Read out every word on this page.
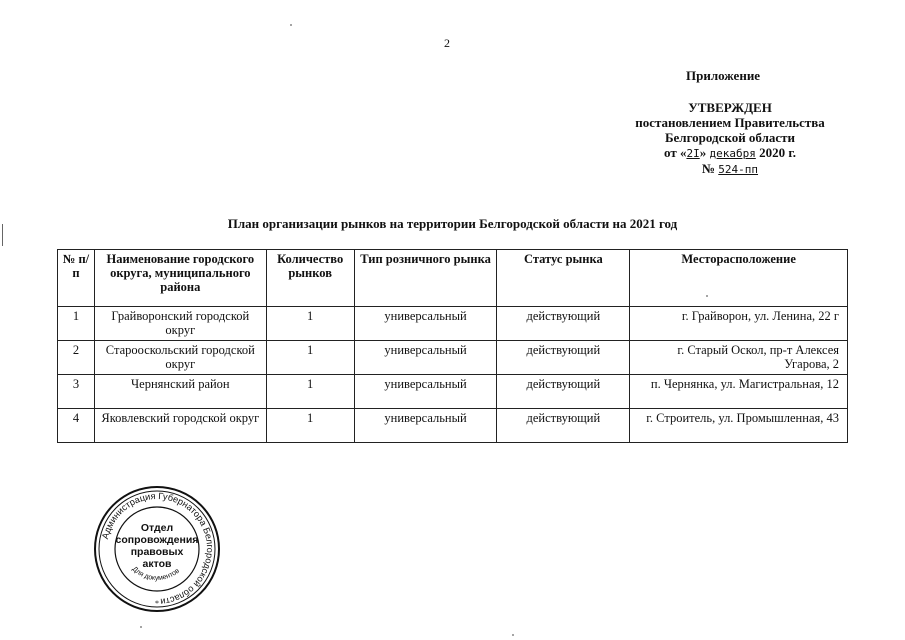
2
Приложение
УТВЕРЖДЕН
постановлением Правительства
Белгородской области
от «2I» декабря 2020 г.
№ 524-пп
План организации рынков на территории Белгородской области на 2021 год
№ п/п	Наименование городского округа, муниципального района	Количество рынков	Тип розничного рынка	Статус рынка	Месторасположение
1	Грайворонский городской округ	1	универсальный	действующий	г. Грайворон, ул. Ленина, 22 г
2	Старооскольский городской округ	1	универсальный	действующий	г. Старый Оскол, пр-т Алексея Угарова, 2
3	Чернянский район	1	универсальный	действующий	п. Чернянка, ул. Магистральная, 12
4	Яковлевский городской округ	1	универсальный	действующий	г. Строитель, ул. Промышленная, 43
Администрация Губернатора Белгородской области
Для документов
*
Отдел
сопровождения
правовых
актов
